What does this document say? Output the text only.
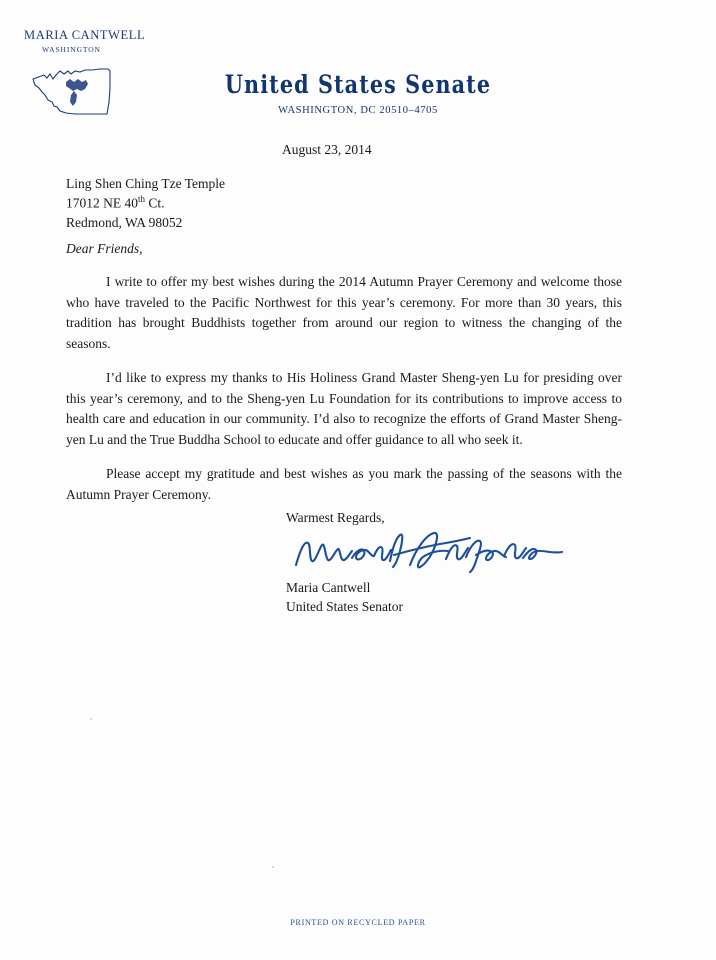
MARIA CANTWELL
WASHINGTON
United States Senate
WASHINGTON, DC 20510–4705
August 23, 2014
Ling Shen Ching Tze Temple
17012 NE 40th Ct.
Redmond, WA 98052
Dear Friends,

I write to offer my best wishes during the 2014 Autumn Prayer Ceremony and welcome those who have traveled to the Pacific Northwest for this year’s ceremony. For more than 30 years, this tradition has brought Buddhists together from around our region to witness the changing of the seasons.

I’d like to express my thanks to His Holiness Grand Master Sheng-yen Lu for presiding over this year’s ceremony, and to the Sheng-yen Lu Foundation for its contributions to improve access to health care and education in our community. I’d also to recognize the efforts of Grand Master Sheng-yen Lu and the True Buddha School to educate and offer guidance to all who seek it.

Please accept my gratitude and best wishes as you mark the passing of the seasons with the Autumn Prayer Ceremony.

Warmest Regards,
Maria Cantwell
United States Senator
PRINTED ON RECYCLED PAPER
